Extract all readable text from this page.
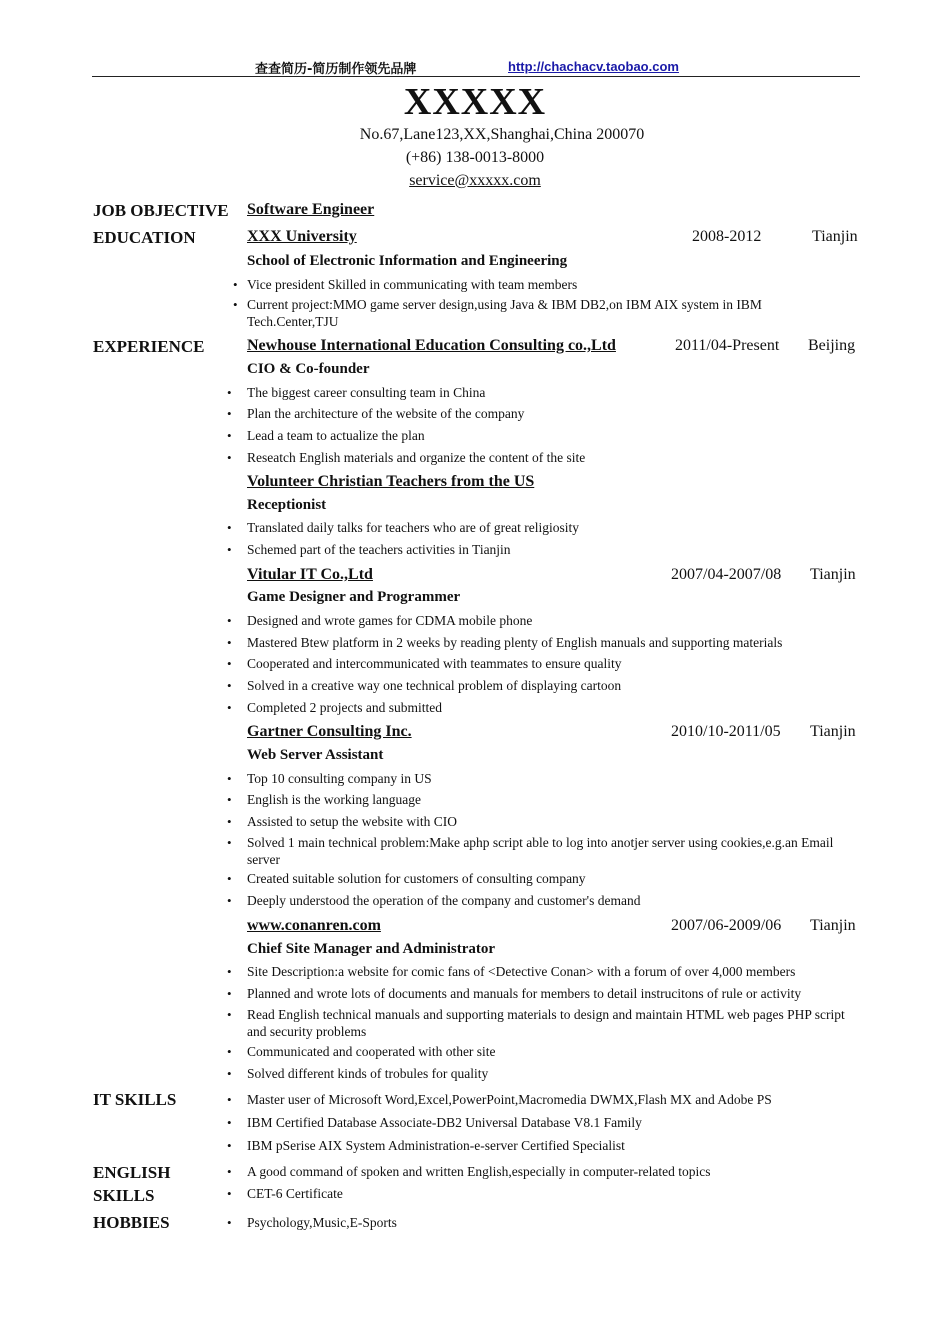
查查简历-简历制作领先品牌	http://chachacv.taobao.com
XXXXX
No.67,Lane123,XX,Shanghai,China 200070
(+86) 138-0013-8000
service@xxxxx.com
JOB OBJECTIVE Software Engineer
EDUCATION	XXX University	2008-2012	Tianjin
School of Electronic Information and Engineering
• Vice president Skilled in communicating with team members
• Current project:MMO game server design,using Java & IBM DB2,on IBM AIX system in IBM Tech.Center,TJU
EXPERIENCE	Newhouse International Education Consulting co.,Ltd	2011/04-Present Beijing
CIO & Co-founder
• The biggest career consulting team in China
• Plan the architecture of the website of the company
• Lead a team to actualize the plan
• Reseatch English materials and organize the content of the site
Volunteer Christian Teachers from the US
Receptionist
• Translated daily talks for teachers who are of great religiosity
• Schemed part of the teachers activities in Tianjin
Vitular IT Co.,Ltd	2007/04-2007/08 Tianjin
Game Designer and Programmer
• Designed and wrote games for CDMA mobile phone
• Mastered Btew platform in 2 weeks by reading plenty of English manuals and supporting materials
• Cooperated and intercommunicated with teammates to ensure quality
• Solved in a creative way one technical problem of displaying cartoon
• Completed 2 projects and submitted
Gartner Consulting Inc.	2010/10-2011/05 Tianjin
Web Server Assistant
• Top 10 consulting company in US
• English is the working language
• Assisted to setup the website with CIO
• Solved 1 main technical problem:Make aphp script able to log into anotjer server using cookies,e.g.an Email server
• Created suitable solution for customers of consulting company
• Deeply understood the operation of the company and customer's demand
www.conanren.com	2007/06-2009/06 Tianjin
Chief Site Manager and Administrator
• Site Description:a website for comic fans of <Detective Conan> with a forum of over 4,000 members
• Planned and wrote lots of documents and manuals for members to detail instrucitons of rule or activity
• Read English technical manuals and supporting materials to design and maintain HTML web pages PHP script and security problems
• Communicated and cooperated with other site
• Solved different kinds of trobules for quality
IT SKILLS	• Master user of Microsoft Word,Excel,PowerPoint,Macromedia DWMX,Flash MX and Adobe PS
• IBM Certified Database Associate-DB2 Universal Database V8.1 Family
• IBM pSerise AIX System Administration-e-server Certified Specialist
ENGLISH
SKILLS
• A good command of spoken and written English,especially in computer-related topics
• CET-6 Certificate
HOBBIES	• Psychology,Music,E-Sports
